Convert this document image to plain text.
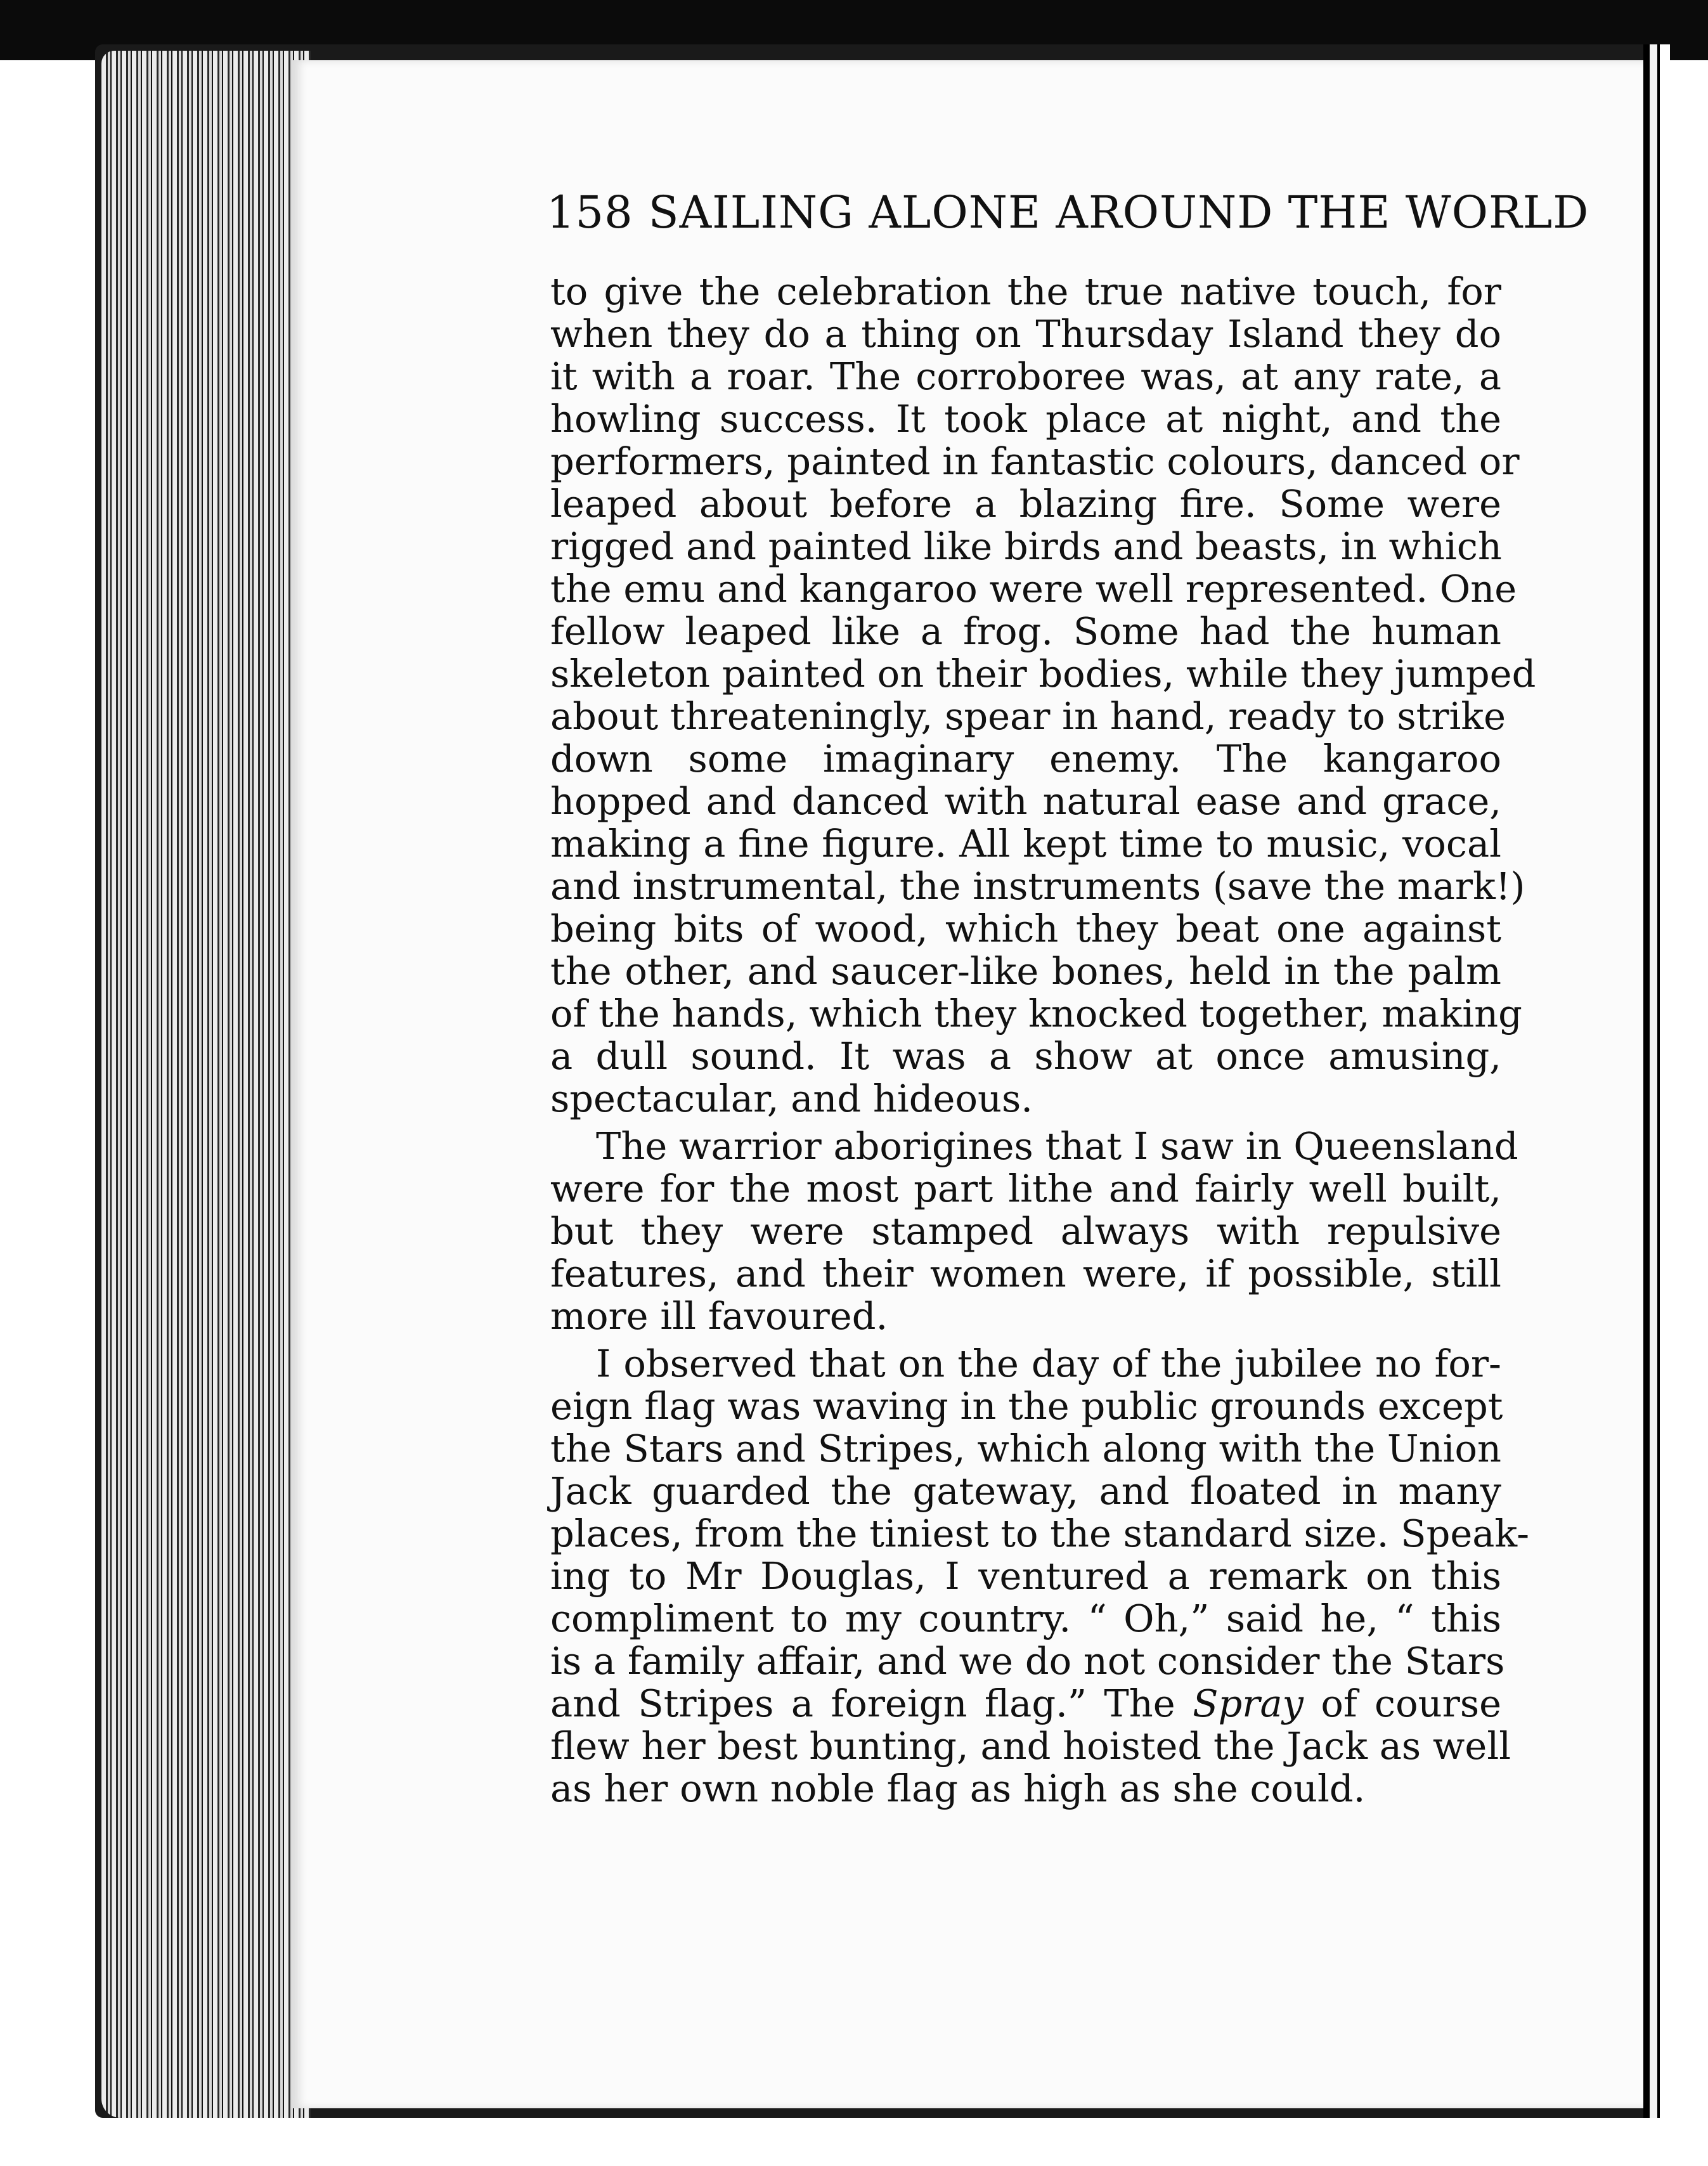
158 SAILING ALONE AROUND THE WORLD
to give the celebration the true native touch, for
when they do a thing on Thursday Island they do
it with a roar. The corroboree was, at any rate, a
howling success. It took place at night, and the
performers, painted in fantastic colours, danced or
leaped about before a blazing fire. Some were
rigged and painted like birds and beasts, in which
the emu and kangaroo were well represented. One
fellow leaped like a frog. Some had the human
skeleton painted on their bodies, while they jumped
about threateningly, spear in hand, ready to strike
down some imaginary enemy. The kangaroo
hopped and danced with natural ease and grace,
making a fine figure. All kept time to music, vocal
and instrumental, the instruments (save the mark!)
being bits of wood, which they beat one against
the other, and saucer-like bones, held in the palm
of the hands, which they knocked together, making
a dull sound. It was a show at once amusing,
spectacular, and hideous.
The warrior aborigines that I saw in Queensland
were for the most part lithe and fairly well built,
but they were stamped always with repulsive
features, and their women were, if possible, still
more ill favoured.
I observed that on the day of the jubilee no for-
eign flag was waving in the public grounds except
the Stars and Stripes, which along with the Union
Jack guarded the gateway, and floated in many
places, from the tiniest to the standard size. Speak-
ing to Mr Douglas, I ventured a remark on this
compliment to my country. “ Oh,” said he, “ this
is a family affair, and we do not consider the Stars
and Stripes a foreign flag.” The Spray of course
flew her best bunting, and hoisted the Jack as well
as her own noble flag as high as she could.
